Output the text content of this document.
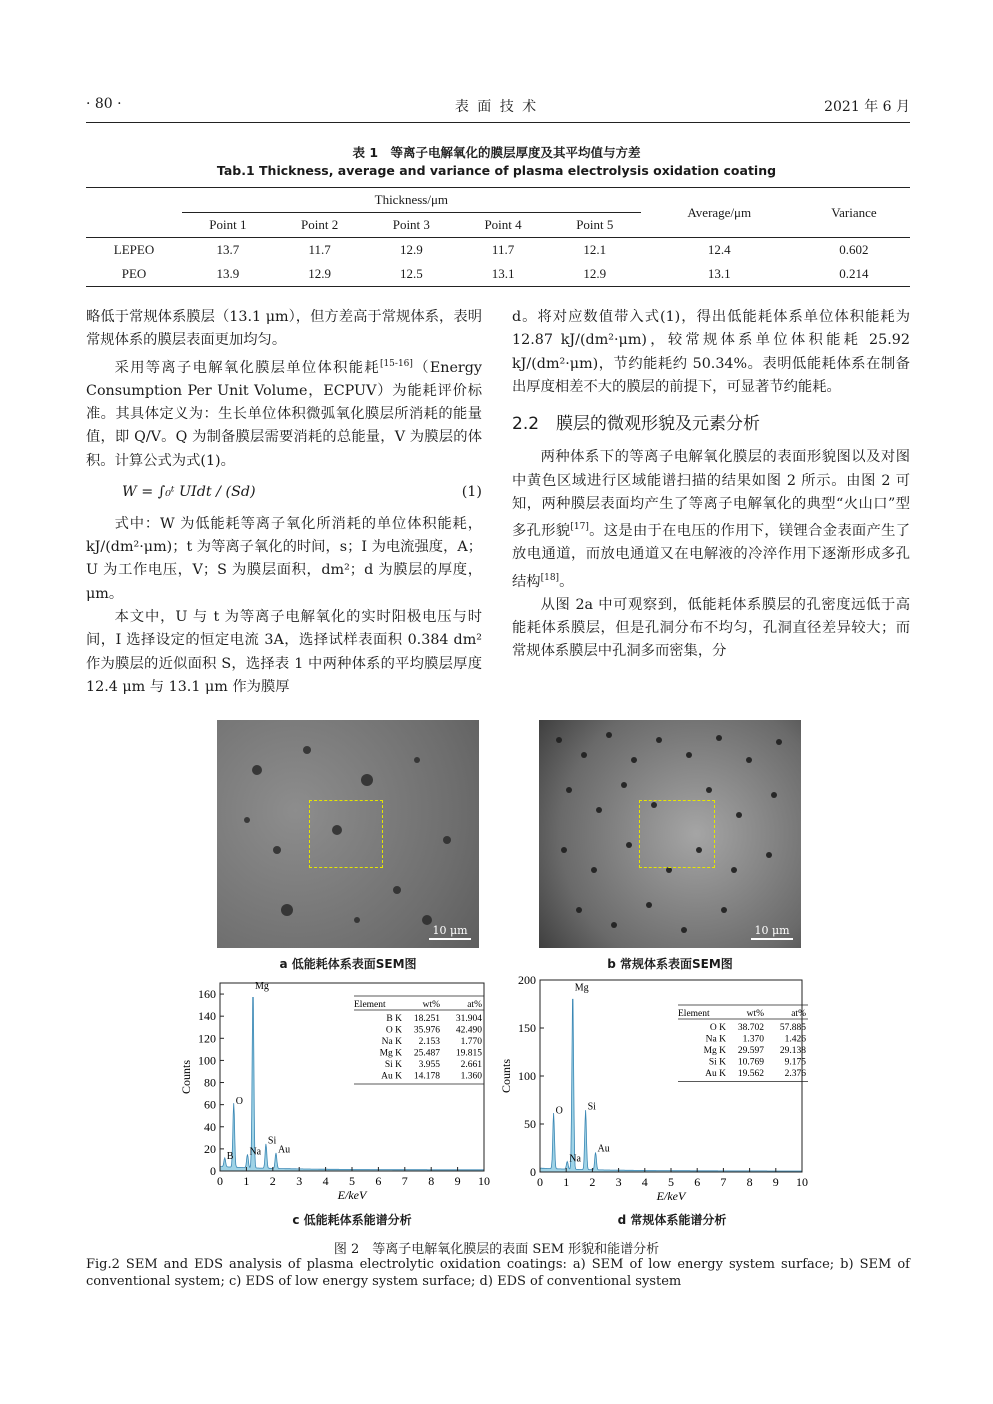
· 80 ·	表 面 技 术	2021 年 6 月
表 1　等离子电解氧化的膜层厚度及其平均值与方差
Tab.1 Thickness, average and variance of plasma electrolysis oxidation coating
	Thickness/μm					Average/μm	Variance
	Point 1	Point 2	Point 3	Point 4	Point 5		
LEPEO	13.7	11.7	12.9	11.7	12.1	12.4	0.602
PEO	13.9	12.9	12.5	13.1	12.9	13.1	0.214

略低于常规体系膜层（13.1 μm），但方差高于常规体系，表明常规体系的膜层表面更加均匀。

采用等离子电解氧化膜层单位体积能耗[15-16]（Energy Consumption Per Unit Volume，ECPUV）为能耗评价标准。其具体定义为：生长单位体积微弧氧化膜层所消耗的能量值，即 Q/V。Q 为制备膜层需要消耗的总能量，V 为膜层的体积。计算公式为式(1)。

W = ∫₀ᵗ UIdt / (Sd)	(1)

式中：W 为低能耗等离子氧化所消耗的单位体积能耗，kJ/(dm²·μm)；t 为等离子氧化的时间，s；I 为电流强度，A；U 为工作电压，V；S 为膜层面积，dm²；d 为膜层的厚度，μm。

本文中，U 与 t 为等离子电解氧化的实时阳极电压与时间，I 选择设定的恒定电流 3A，选择试样表面积 0.384 dm² 作为膜层的近似面积 S，选择表 1 中两种体系的平均膜层厚度 12.4 μm 与 13.1 μm 作为膜厚

d。将对应数值带入式(1)，得出低能耗体系单位体积能耗为 12.87 kJ/(dm²·μm)，较常规体系单位体积能耗 25.92 kJ/(dm²·μm)，节约能耗约 50.34%。表明低能耗体系在制备出厚度相差不大的膜层的前提下，可显著节约能耗。

2.2　膜层的微观形貌及元素分析

两种体系下的等离子电解氧化膜层的表面形貌图以及对图中黄色区域进行区域能谱扫描的结果如图 2 所示。由图 2 可知，两种膜层表面均产生了等离子电解氧化的典型“火山口”型多孔形貌[17]。这是由于在电压的作用下，镁锂合金表面产生了放电通道，而放电通道又在电解液的冷淬作用下逐渐形成多孔结构[18]。

从图 2a 中可观察到，低能耗体系膜层的孔密度远低于高能耗体系膜层，但是孔洞分布不均匀，孔洞直径差异较大；而常规体系膜层中孔洞多而密集，分

10 μm
a 低能耗体系表面SEM图
10 μm
b 常规体系表面SEM图
0 1 2 3 4 5 6 7 8 9 10
0
20
40
60
80
100
120
140
160
E/keV
Counts
B
O
Na
Mg
Si
Au
Element	wt%	at%
B K 18.251 31.904
O K 35.976 42.490
Na K 2.153 1.770
Mg K 25.487 19.815
Si K 3.955 2.661
Au K 14.178 1.360
0 1 2 3 4 5 6 7 8 9 10
0
50
100
150
200
E/keV
Counts
O
Na
Mg
Si
Au
Element	wt%	at%
O K 38.702 57.885
Na K 1.370 1.426
Mg K 29.597 29.138
Si K 10.769 9.175
Au K 19.562 2.376
c 低能耗体系能谱分析	d 常规体系能谱分析
图 2　等离子电解氧化膜层的表面 SEM 形貌和能谱分析
Fig.2 SEM and EDS analysis of plasma electrolytic oxidation coatings: a) SEM of low energy system surface; b) SEM of conventional system; c) EDS of low energy system surface; d) EDS of conventional system
